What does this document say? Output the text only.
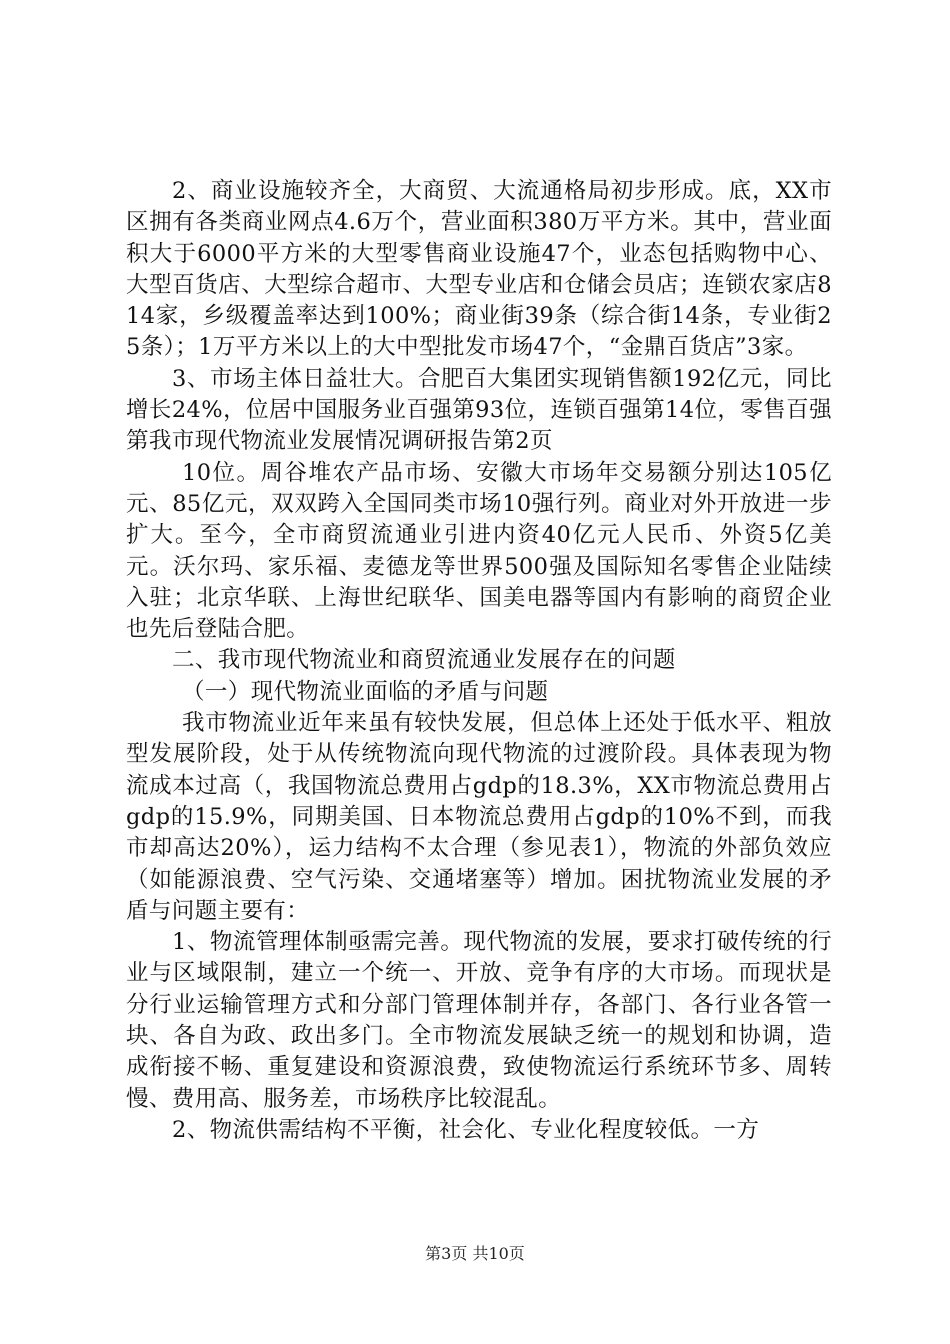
2、商业设施较齐全，大商贸、大流通格局初步形成。底，XX市区拥有各类商业网点4.6万个，营业面积380万平方米。其中，营业面积大于6000平方米的大型零售商业设施47个，业态包括购物中心、大型百货店、大型综合超市、大型专业店和仓储会员店；连锁农家店814家，乡级覆盖率达到100%；商业街39条（综合街14条，专业街25条）；1万平方米以上的大中型批发市场47个，“金鼎百货店”3家。

3、市场主体日益壮大。合肥百大集团实现销售额192亿元，同比增长24%，位居中国服务业百强第93位，连锁百强第14位，零售百强第我市现代物流业发展情况调研报告第2页

10位。周谷堆农产品市场、安徽大市场年交易额分别达105亿元、85亿元，双双跨入全国同类市场10强行列。商业对外开放进一步扩大。至今，全市商贸流通业引进内资40亿元人民币、外资5亿美元。沃尔玛、家乐福、麦德龙等世界500强及国际知名零售企业陆续入驻；北京华联、上海世纪联华、国美电器等国内有影响的商贸企业也先后登陆合肥。

二、我市现代物流业和商贸流通业发展存在的问题

（一）现代物流业面临的矛盾与问题

我市物流业近年来虽有较快发展，但总体上还处于低水平、粗放型发展阶段，处于从传统物流向现代物流的过渡阶段。具体表现为物流成本过高（，我国物流总费用占gdp的18.3%，XX市物流总费用占gdp的15.9%，同期美国、日本物流总费用占gdp的10%不到，而我市却高达20%），运力结构不太合理（参见表1），物流的外部负效应（如能源浪费、空气污染、交通堵塞等）增加。困扰物流业发展的矛盾与问题主要有：

1、物流管理体制亟需完善。现代物流的发展，要求打破传统的行业与区域限制，建立一个统一、开放、竞争有序的大市场。而现状是分行业运输管理方式和分部门管理体制并存，各部门、各行业各管一块、各自为政、政出多门。全市物流发展缺乏统一的规划和协调，造成衔接不畅、重复建设和资源浪费，致使物流运行系统环节多、周转慢、费用高、服务差，市场秩序比较混乱。

2、物流供需结构不平衡，社会化、专业化程度较低。一方

第3页 共10页
